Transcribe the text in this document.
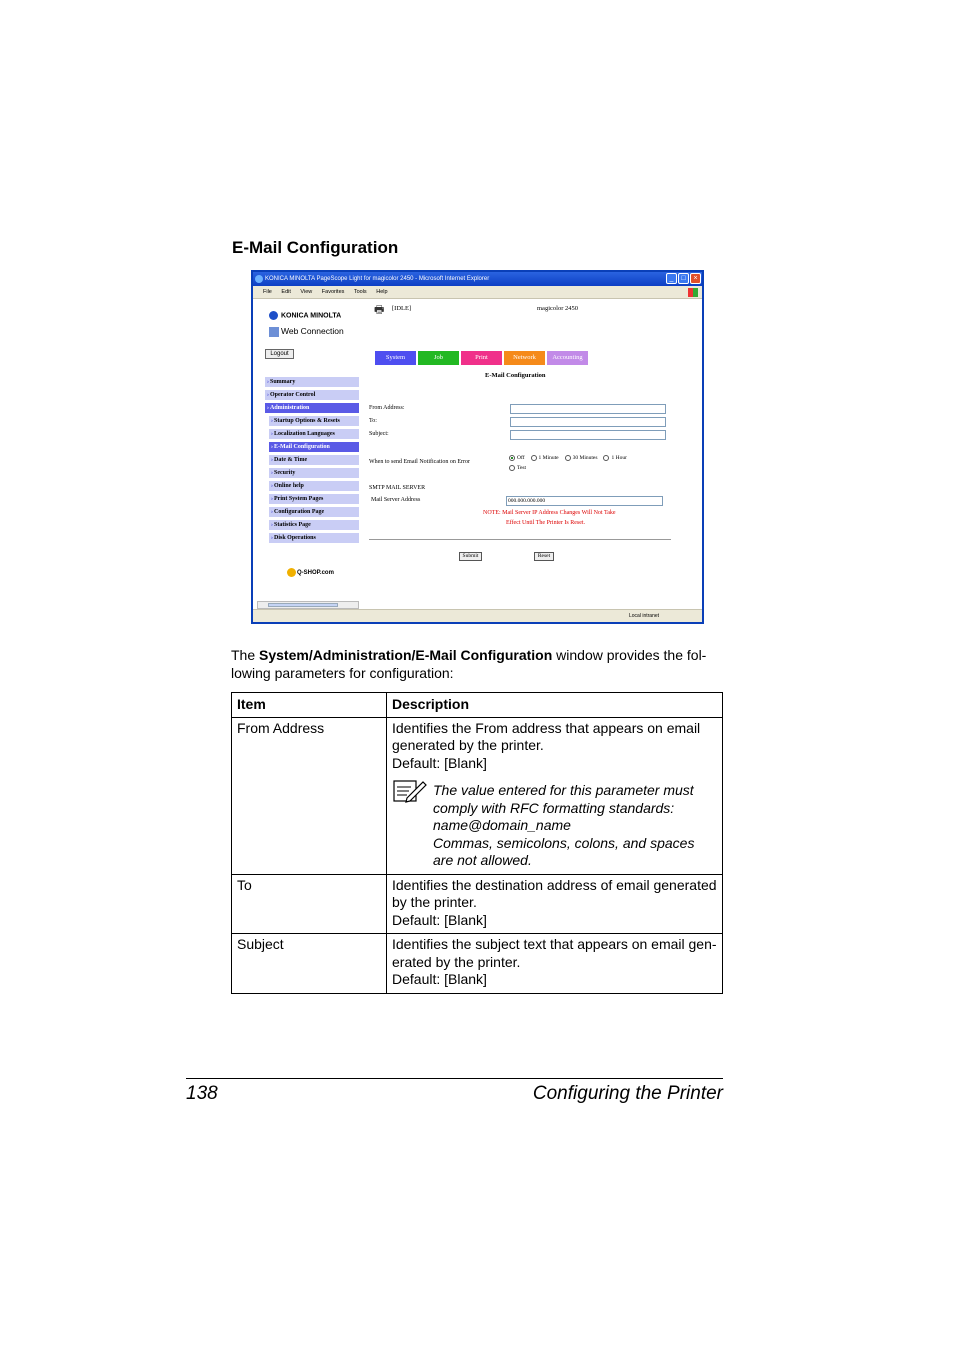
E-Mail Configuration
KONICA MINOLTA PageScope Light for magicolor 2450 - Microsoft Internet Explorer	_	□	×
File Edit View Favorites Tools Help
KONICA MINOLTA
Web Connection
Logout
›Summary
›Operator Control
›Administration
›Startup Options & Resets
›Localization Languages
›E-Mail Configuration
›Date & Time
›Security
›Online help
›Print System Pages
›Configuration Page
›Statistics Page
›Disk Operations
Q-SHOP.com
🖶	[IDLE]	magicolor 2450
System	Job	Print	Network	Accounting
E-Mail Configuration
From Address:
To:
Subject:
When to send Email Notification on Error
Off	1 Minute	30 Minutes	1 Hour
Test
SMTP MAIL SERVER
Mail Server Address	000.000.000.000
NOTE: Mail Server IP Address Changes Will Not Take
Effect Until The Printer Is Reset.
Submit	Reset
Local intranet
The System/Administration/E-Mail Configuration window provides the fol-lowing parameters for configuration:
Item	Description
From Address	Identifies the From address that appears on email generated by the printer.
Default: [Blank]
The value entered for this parameter must comply with RFC formatting standards:
name@domain_name
Commas, semicolons, colons, and spaces are not allowed.

To	Identifies the destination address of email generated by the printer.
Default: [Blank]

Subject	Identifies the subject text that appears on email gen-erated by the printer.
Default: [Blank]
138	Configuring the Printer
